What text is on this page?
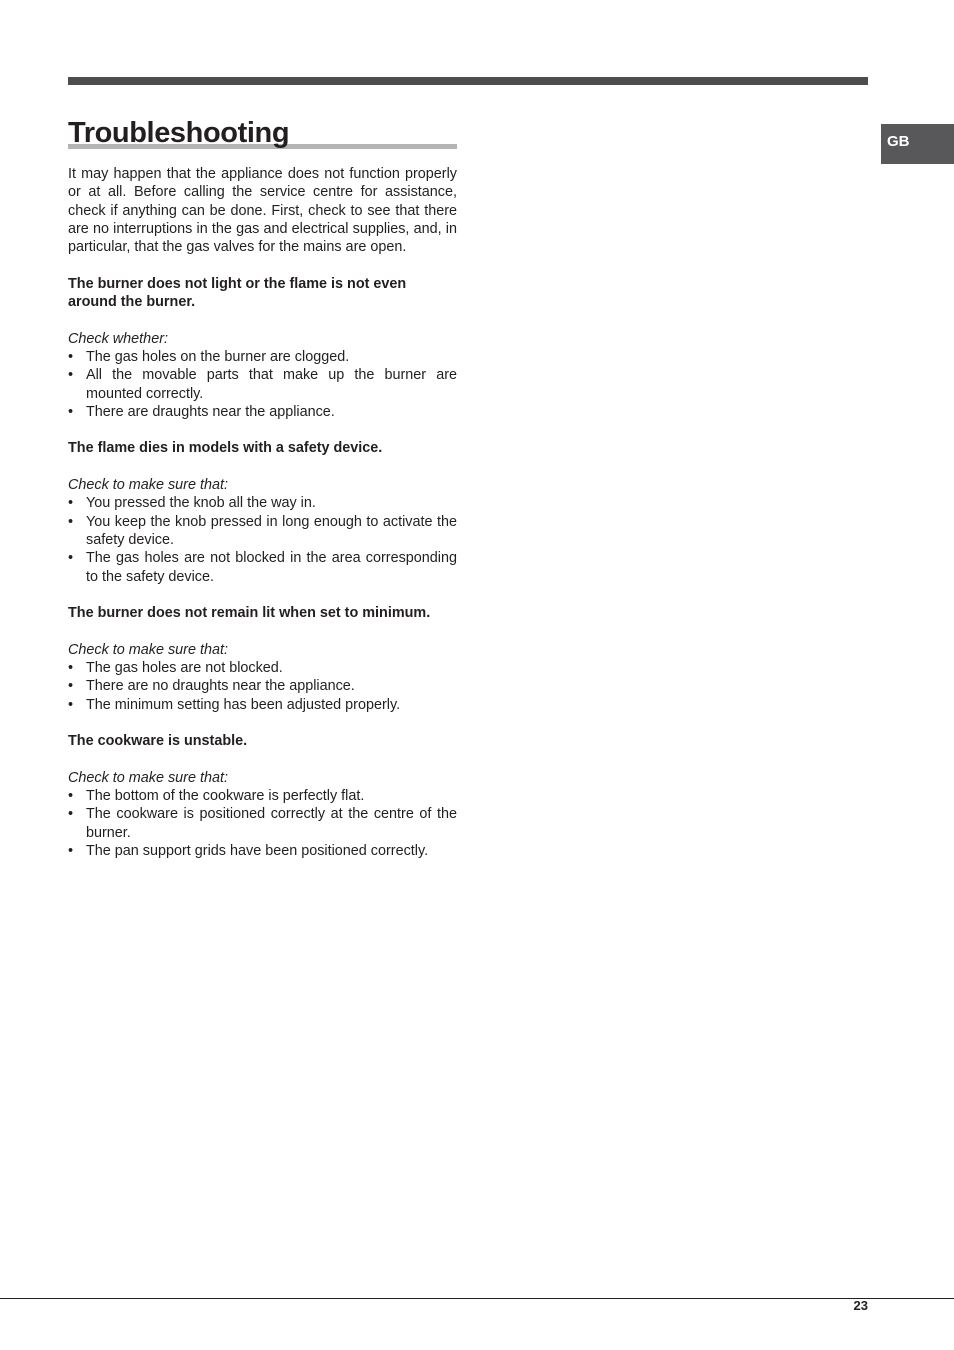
Troubleshooting	GB

It may happen that the appliance does not function properly or at all. Before calling the service centre for assistance, check if anything can be done. First, check to see that there are no interruptions in the gas and electrical supplies, and, in particular, that the gas valves for the mains are open.

The burner does not light or the flame is not even around the burner.

Check whether:

• The gas holes on the burner are clogged.
• All the movable parts that make up the burner are mounted correctly.
• There are draughts near the appliance.

The flame dies in models with a safety device.

Check to make sure that:

• You pressed the knob all the way in.
• You keep the knob pressed in long enough to activate the safety device.
• The gas holes are not blocked in the area corresponding to the safety device.

The burner does not remain lit when set to minimum.

Check to make sure that:

• The gas holes are not blocked.
• There are no draughts near the appliance.
• The minimum setting has been adjusted properly.

The cookware is unstable.

Check to make sure that:

• The bottom of the cookware is perfectly flat.
• The cookware is positioned correctly at the centre of the burner.
• The pan support grids have been positioned correctly.
23
